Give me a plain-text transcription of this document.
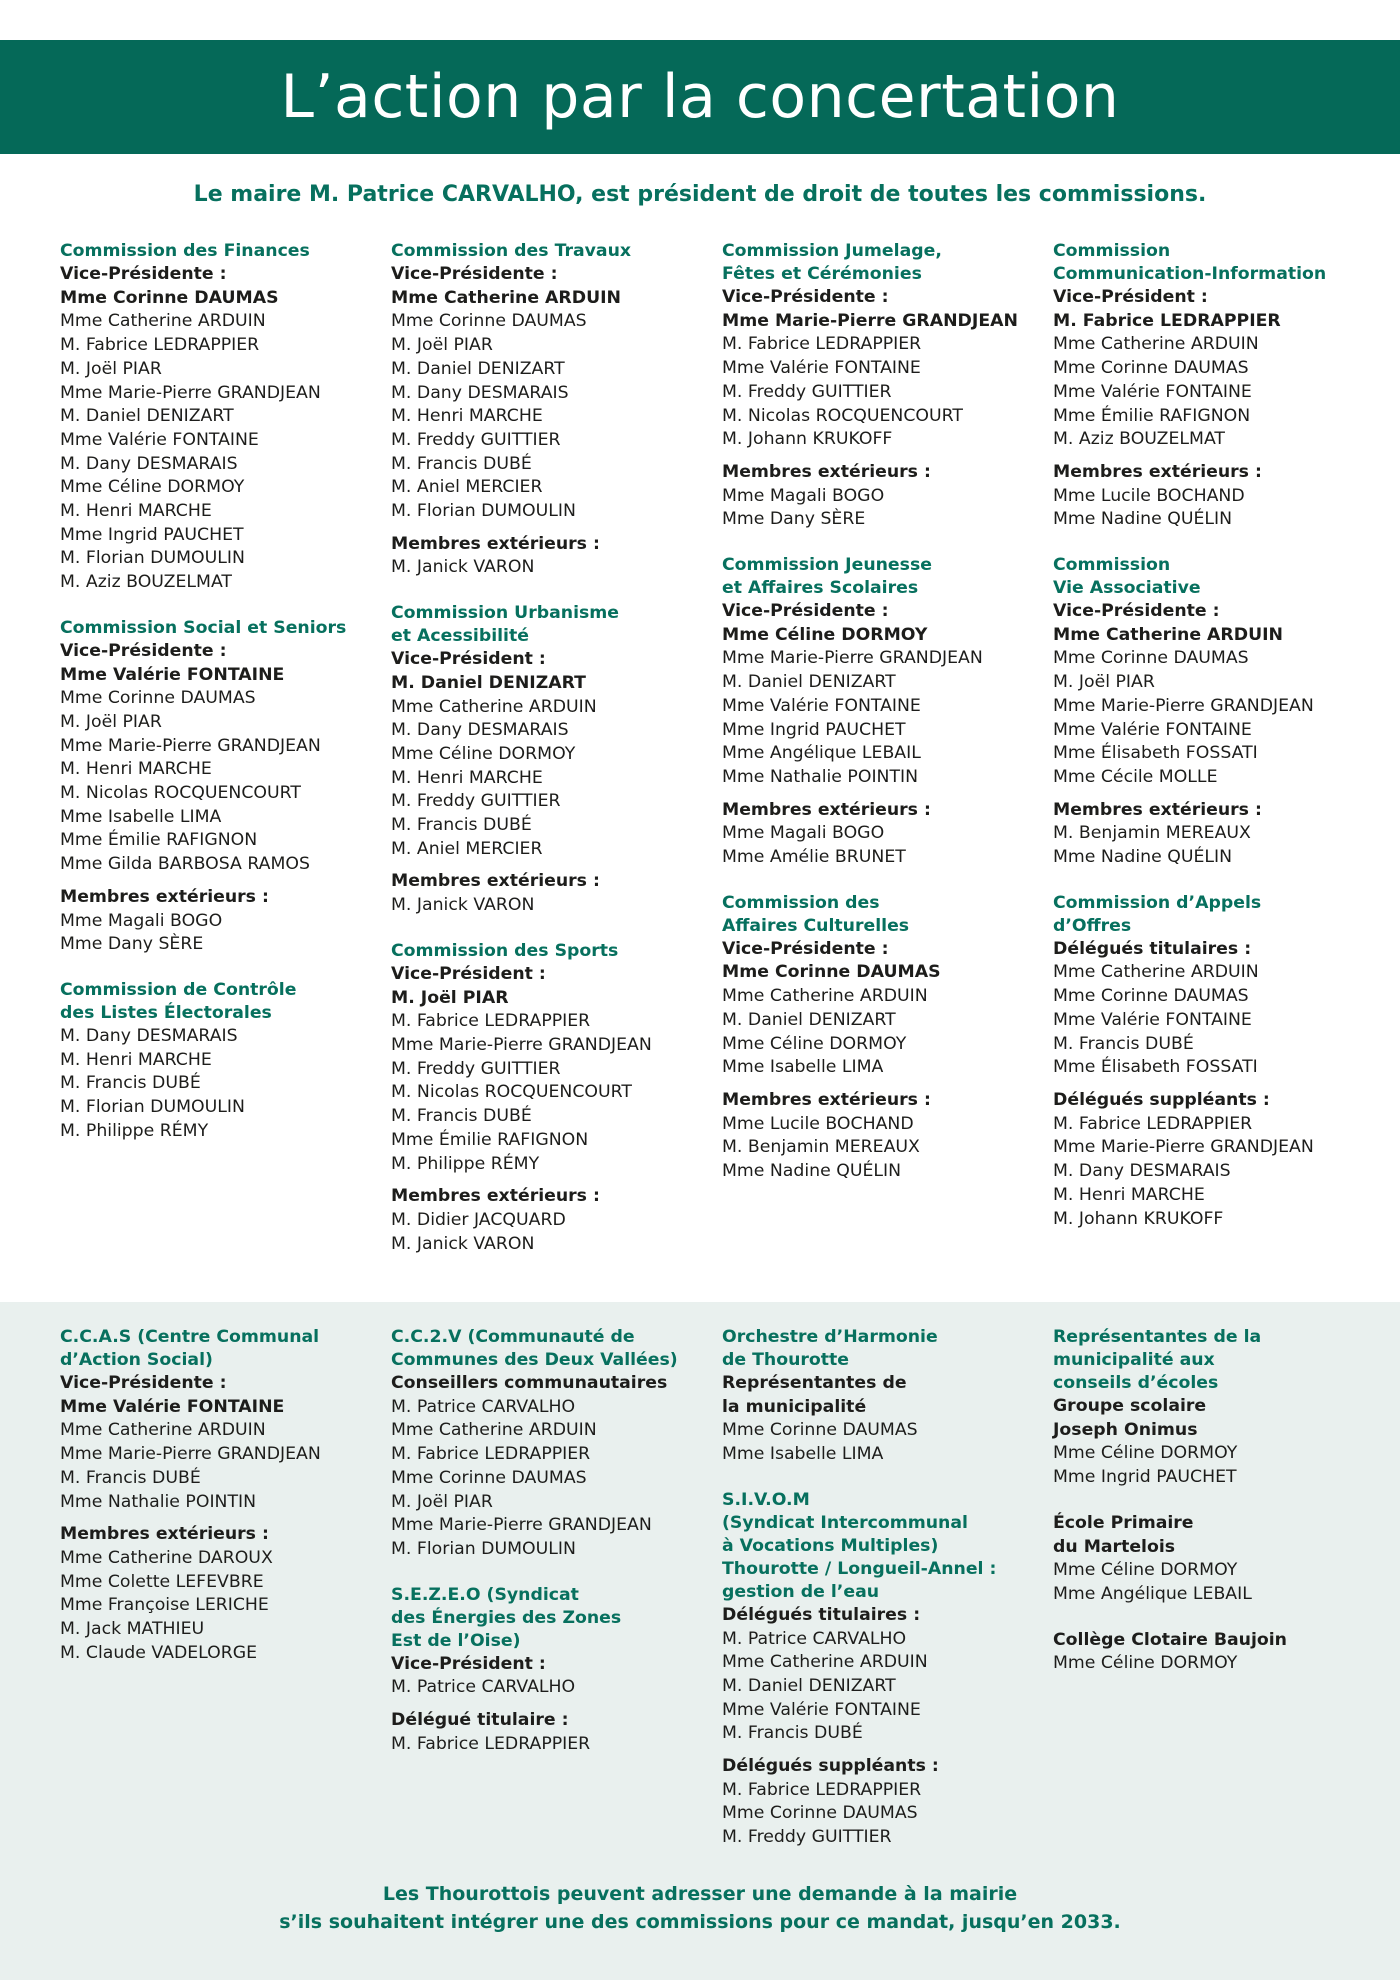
L’action par la concertation
Le maire M. Patrice CARVALHO, est président de droit de toutes les commissions.
Commission des Finances
Vice-Présidente :
Mme Corinne DAUMAS
Mme Catherine ARDUIN
M. Fabrice LEDRAPPIER
M. Joël PIAR
Mme Marie-Pierre GRANDJEAN
M. Daniel DENIZART
Mme Valérie FONTAINE
M. Dany DESMARAIS
Mme Céline DORMOY
M. Henri MARCHE
Mme Ingrid PAUCHET
M. Florian DUMOULIN
M. Aziz BOUZELMAT
Commission Social et Seniors
Vice-Présidente :
Mme Valérie FONTAINE
Mme Corinne DAUMAS
M. Joël PIAR
Mme Marie-Pierre GRANDJEAN
M. Henri MARCHE
M. Nicolas ROCQUENCOURT
Mme Isabelle LIMA
Mme Émilie RAFIGNON
Mme Gilda BARBOSA RAMOS
Membres extérieurs :
Mme Magali BOGO
Mme Dany SÈRE
Commission de Contrôle
des Listes Électorales
M. Dany DESMARAIS
M. Henri MARCHE
M. Francis DUBÉ
M. Florian DUMOULIN
M. Philippe RÉMY
Commission des Travaux
Vice-Présidente :
Mme Catherine ARDUIN
Mme Corinne DAUMAS
M. Joël PIAR
M. Daniel DENIZART
M. Dany DESMARAIS
M. Henri MARCHE
M. Freddy GUITTIER
M. Francis DUBÉ
M. Aniel MERCIER
M. Florian DUMOULIN
Membres extérieurs :
M. Janick VARON
Commission Urbanisme
et Acessibilité
Vice-Président :
M. Daniel DENIZART
Mme Catherine ARDUIN
M. Dany DESMARAIS
Mme Céline DORMOY
M. Henri MARCHE
M. Freddy GUITTIER
M. Francis DUBÉ
M. Aniel MERCIER
Membres extérieurs :
M. Janick VARON
Commission des Sports
Vice-Président :
M. Joël PIAR
M. Fabrice LEDRAPPIER
Mme Marie-Pierre GRANDJEAN
M. Freddy GUITTIER
M. Nicolas ROCQUENCOURT
M. Francis DUBÉ
Mme Émilie RAFIGNON
M. Philippe RÉMY
Membres extérieurs :
M. Didier JACQUARD
M. Janick VARON
Commission Jumelage,
Fêtes et Cérémonies
Vice-Présidente :
Mme Marie-Pierre GRANDJEAN
M. Fabrice LEDRAPPIER
Mme Valérie FONTAINE
M. Freddy GUITTIER
M. Nicolas ROCQUENCOURT
M. Johann KRUKOFF
Membres extérieurs :
Mme Magali BOGO
Mme Dany SÈRE
Commission Jeunesse
et Affaires Scolaires
Vice-Présidente :
Mme Céline DORMOY
Mme Marie-Pierre GRANDJEAN
M. Daniel DENIZART
Mme Valérie FONTAINE
Mme Ingrid PAUCHET
Mme Angélique LEBAIL
Mme Nathalie POINTIN
Membres extérieurs :
Mme Magali BOGO
Mme Amélie BRUNET
Commission des
Affaires Culturelles
Vice-Présidente :
Mme Corinne DAUMAS
Mme Catherine ARDUIN
M. Daniel DENIZART
Mme Céline DORMOY
Mme Isabelle LIMA
Membres extérieurs :
Mme Lucile BOCHAND
M. Benjamin MEREAUX
Mme Nadine QUÉLIN
Commission
Communication-Information
Vice-Président :
M. Fabrice LEDRAPPIER
Mme Catherine ARDUIN
Mme Corinne DAUMAS
Mme Valérie FONTAINE
Mme Émilie RAFIGNON
M. Aziz BOUZELMAT
Membres extérieurs :
Mme Lucile BOCHAND
Mme Nadine QUÉLIN
Commission
Vie Associative
Vice-Présidente :
Mme Catherine ARDUIN
Mme Corinne DAUMAS
M. Joël PIAR
Mme Marie-Pierre GRANDJEAN
Mme Valérie FONTAINE
Mme Élisabeth FOSSATI
Mme Cécile MOLLE
Membres extérieurs :
M. Benjamin MEREAUX
Mme Nadine QUÉLIN
Commission d’Appels
d’Offres
Délégués titulaires :
Mme Catherine ARDUIN
Mme Corinne DAUMAS
Mme Valérie FONTAINE
M. Francis DUBÉ
Mme Élisabeth FOSSATI
Délégués suppléants :
M. Fabrice LEDRAPPIER
Mme Marie-Pierre GRANDJEAN
M. Dany DESMARAIS
M. Henri MARCHE
M. Johann KRUKOFF
C.C.A.S (Centre Communal
d’Action Social)
Vice-Présidente :
Mme Valérie FONTAINE
Mme Catherine ARDUIN
Mme Marie-Pierre GRANDJEAN
M. Francis DUBÉ
Mme Nathalie POINTIN
Membres extérieurs :
Mme Catherine DAROUX
Mme Colette LEFEVBRE
Mme Françoise LERICHE
M. Jack MATHIEU
M. Claude VADELORGE
C.C.2.V (Communauté de
Communes des Deux Vallées)
Conseillers communautaires
M. Patrice CARVALHO
Mme Catherine ARDUIN
M. Fabrice LEDRAPPIER
Mme Corinne DAUMAS
M. Joël PIAR
Mme Marie-Pierre GRANDJEAN
M. Florian DUMOULIN
S.E.Z.E.O (Syndicat
des Énergies des Zones
Est de l’Oise)
Vice-Président :
M. Patrice CARVALHO
Délégué titulaire :
M. Fabrice LEDRAPPIER
Orchestre d’Harmonie
de Thourotte
Représentantes de
la municipalité
Mme Corinne DAUMAS
Mme Isabelle LIMA
S.I.V.O.M
(Syndicat Intercommunal
à Vocations Multiples)
Thourotte / Longueil-Annel :
gestion de l’eau
Délégués titulaires :
M. Patrice CARVALHO
Mme Catherine ARDUIN
M. Daniel DENIZART
Mme Valérie FONTAINE
M. Francis DUBÉ
Délégués suppléants :
M. Fabrice LEDRAPPIER
Mme Corinne DAUMAS
M. Freddy GUITTIER
Représentantes de la
municipalité aux
conseils d’écoles
Groupe scolaire
Joseph Onimus
Mme Céline DORMOY
Mme Ingrid PAUCHET
École Primaire
du Martelois
Mme Céline DORMOY
Mme Angélique LEBAIL
Collège Clotaire Baujoin
Mme Céline DORMOY
Les Thourottois peuvent adresser une demande à la mairie
s’ils souhaitent intégrer une des commissions pour ce mandat, jusqu’en 2033.
